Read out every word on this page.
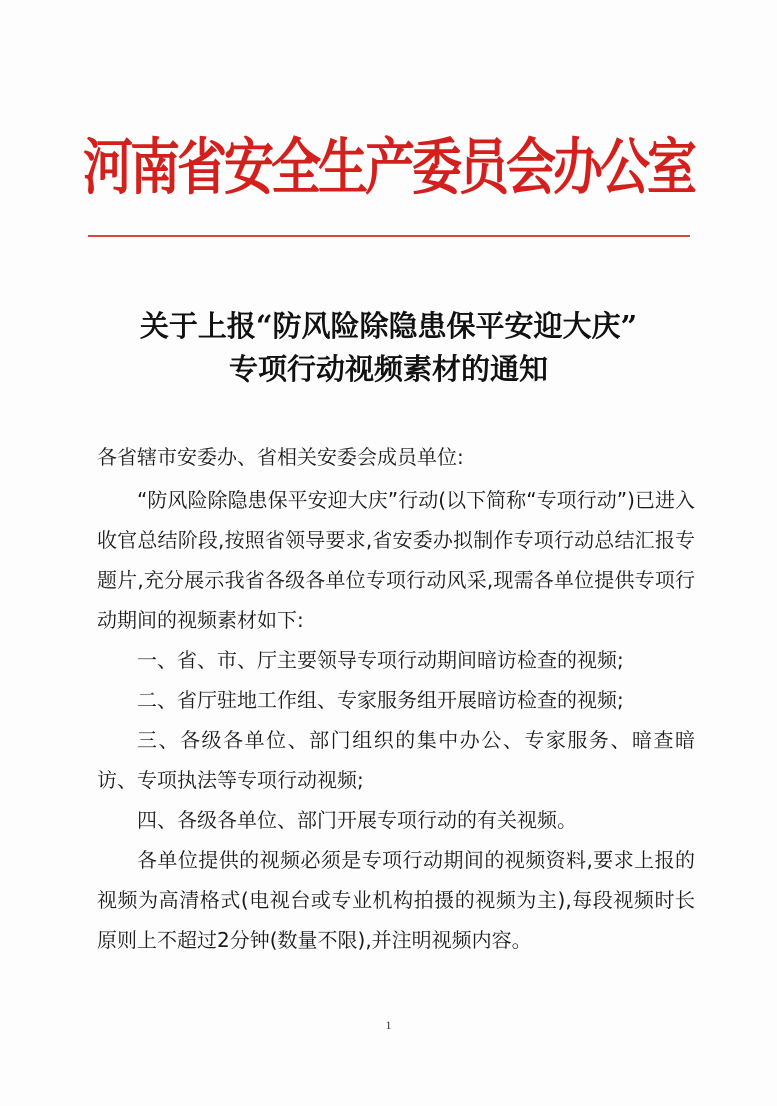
河南省安全生产委员会办公室
关于上报“防风险除隐患保平安迎大庆”
专项行动视频素材的通知
各省辖市安委办、省相关安委会成员单位:

“防风险除隐患保平安迎大庆”行动(以下简称“专项行动”)已进入收官总结阶段,按照省领导要求,省安委办拟制作专项行动总结汇报专题片,充分展示我省各级各单位专项行动风采,现需各单位提供专项行动期间的视频素材如下:

一、省、市、厅主要领导专项行动期间暗访检查的视频;

二、省厅驻地工作组、专家服务组开展暗访检查的视频;

三、各级各单位、部门组织的集中办公、专家服务、暗查暗访、专项执法等专项行动视频;

四、各级各单位、部门开展专项行动的有关视频。

各单位提供的视频必须是专项行动期间的视频资料,要求上报的视频为高清格式(电视台或专业机构拍摄的视频为主),每段视频时长原则上不超过2分钟(数量不限),并注明视频内容。

1
